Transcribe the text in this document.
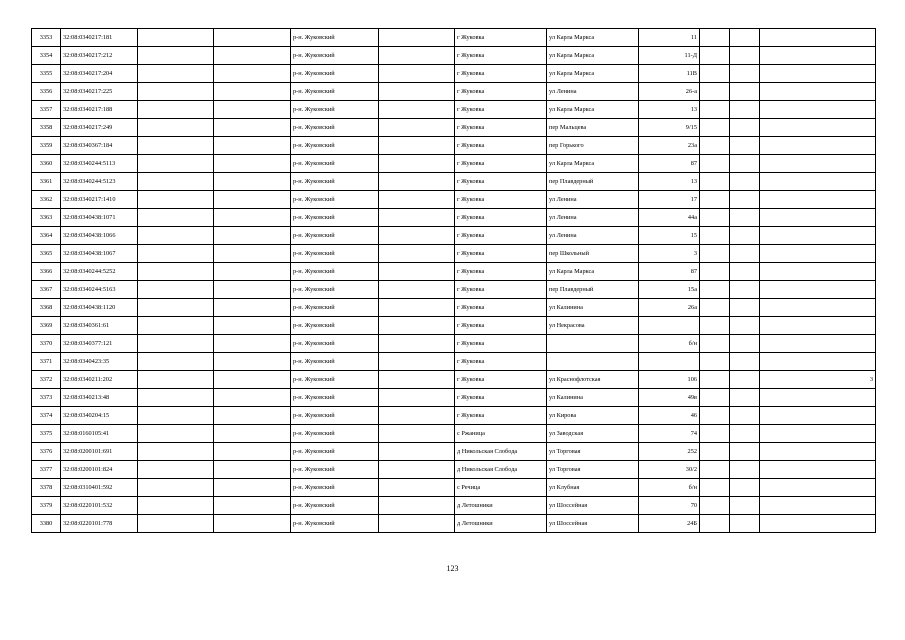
3353	32:08:0340217:181			р-н. Жуковский		г Жуковка	ул Карла Маркса	11			
3354	32:08:0340217:212			р-н. Жуковский		г Жуковка	ул Карла Маркса	11-Д			
3355	32:08:0340217:204			р-н. Жуковский		г Жуковка	ул Карла Маркса	11В			
3356	32:08:0340217:225			р-н. Жуковский		г Жуковка	ул Ленина	26-а			
3357	32:08:0340217:188			р-н. Жуковский		г Жуковка	ул Карла Маркса	13			
3358	32:08:0340217:249			р-н. Жуковский		г Жуковка	пер Мальцева	9/15			
3359	32:08:0340367:184			р-н. Жуковский		г Жуковка	пер Горького	23а			
3360	32:08:0340244:5113			р-н. Жуковский		г Жуковка	ул Карла Маркса	87			
3361	32:08:0340244:5123			р-н. Жуковский		г Жуковка	пер Плавдерный	13			
3362	32:08:0340217:1410			р-н. Жуковский		г Жуковка	ул Ленина	17			
3363	32:08:0340438:1071			р-н. Жуковский		г Жуковка	ул Ленина	44а			
3364	32:08:0340438:1066			р-н. Жуковский		г Жуковка	ул Ленина	15			
3365	32:08:0340438:1067			р-н. Жуковский		г Жуковка	пер Школьный	3			
3366	32:08:0340244:5252			р-н. Жуковский		г Жуковка	ул Карла Маркса	87			
3367	32:08:0340244:5163			р-н. Жуковский		г Жуковка	пер Плавдерный	15а			
3368	32:08:0340438:1120			р-н. Жуковский		г Жуковка	ул Калинина	26а			
3369	32:08:0340361:61			р-н. Жуковский		г Жуковка	ул Некрасова				
3370	32:08:0340377:121			р-н. Жуковский		г Жуковка		б/н			
3371	32:08:0340423:35			р-н. Жуковский		г Жуковка					
3372	32:08:0340211:202			р-н. Жуковский		г Жуковка	ул Краснофлотская	106			3
3373	32:08:0340213:48			р-н. Жуковский		г Жуковка	ул Калинина	49в			
3374	32:08:0340204:15			р-н. Жуковский		г Жуковка	ул Кирова	46			
3375	32:08:0160105:41			р-н. Жуковский		с Ржаница	ул Заводская	74			
3376	32:08:0200101:691			р-н. Жуковский		д Никольская Слобода	ул Торговая	252			
3377	32:08:0200101:824			р-н. Жуковский		д Никольская Слобода	ул Торговая	30/2			
3378	32:08:0310401:592			р-н. Жуковский		с Речица	ул Клубная	б/н			
3379	32:08:0220101:532			р-н. Жуковский		д Летошники	ул Шоссейная	70			
3380	32:08:0220101:778			р-н. Жуковский		д Летошники	ул Шоссейная	24Б			
123
